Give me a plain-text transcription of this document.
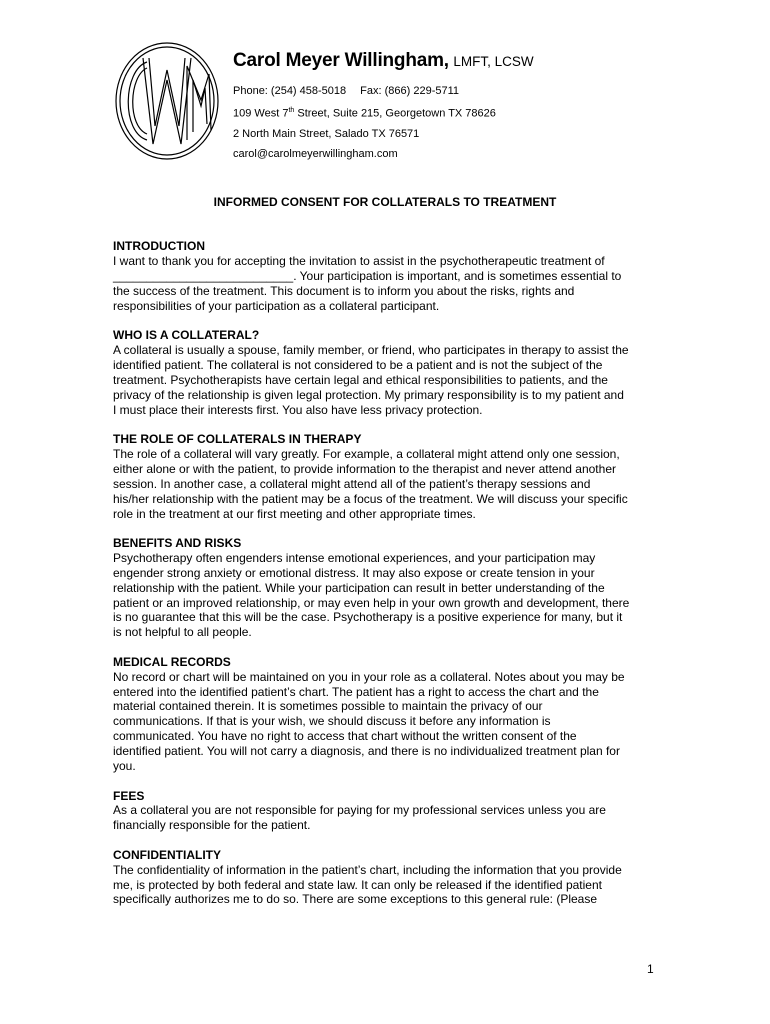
Carol Meyer Willingham, LMFT, LCSW
Phone: (254) 458-5018 Fax: (866) 229-5711
109 West 7th Street, Suite 215, Georgetown TX 78626
2 North Main Street, Salado TX 76571
carol@carolmeyerwillingham.com
INFORMED CONSENT FOR COLLATERALS TO TREATMENT
INTRODUCTION
I want to thank you for accepting the invitation to assist in the psychotherapeutic treatment of
___________________________. Your participation is important, and is sometimes essential to
the success of the treatment. This document is to inform you about the risks, rights and
responsibilities of your participation as a collateral participant.
WHO IS A COLLATERAL?
A collateral is usually a spouse, family member, or friend, who participates in therapy to assist the
identified patient. The collateral is not considered to be a patient and is not the subject of the
treatment. Psychotherapists have certain legal and ethical responsibilities to patients, and the
privacy of the relationship is given legal protection. My primary responsibility is to my patient and
I must place their interests first. You also have less privacy protection.
THE ROLE OF COLLATERALS IN THERAPY
The role of a collateral will vary greatly. For example, a collateral might attend only one session,
either alone or with the patient, to provide information to the therapist and never attend another
session. In another case, a collateral might attend all of the patient’s therapy sessions and
his/her relationship with the patient may be a focus of the treatment. We will discuss your specific
role in the treatment at our first meeting and other appropriate times.
BENEFITS AND RISKS
Psychotherapy often engenders intense emotional experiences, and your participation may
engender strong anxiety or emotional distress. It may also expose or create tension in your
relationship with the patient. While your participation can result in better understanding of the
patient or an improved relationship, or may even help in your own growth and development, there
is no guarantee that this will be the case. Psychotherapy is a positive experience for many, but it
is not helpful to all people.
MEDICAL RECORDS
No record or chart will be maintained on you in your role as a collateral. Notes about you may be
entered into the identified patient’s chart. The patient has a right to access the chart and the
material contained therein. It is sometimes possible to maintain the privacy of our
communications. If that is your wish, we should discuss it before any information is
communicated. You have no right to access that chart without the written consent of the
identified patient. You will not carry a diagnosis, and there is no individualized treatment plan for
you.
FEES
As a collateral you are not responsible for paying for my professional services unless you are
financially responsible for the patient.
CONFIDENTIALITY
The confidentiality of information in the patient’s chart, including the information that you provide
me, is protected by both federal and state law. It can only be released if the identified patient
specifically authorizes me to do so. There are some exceptions to this general rule: (Please
1
